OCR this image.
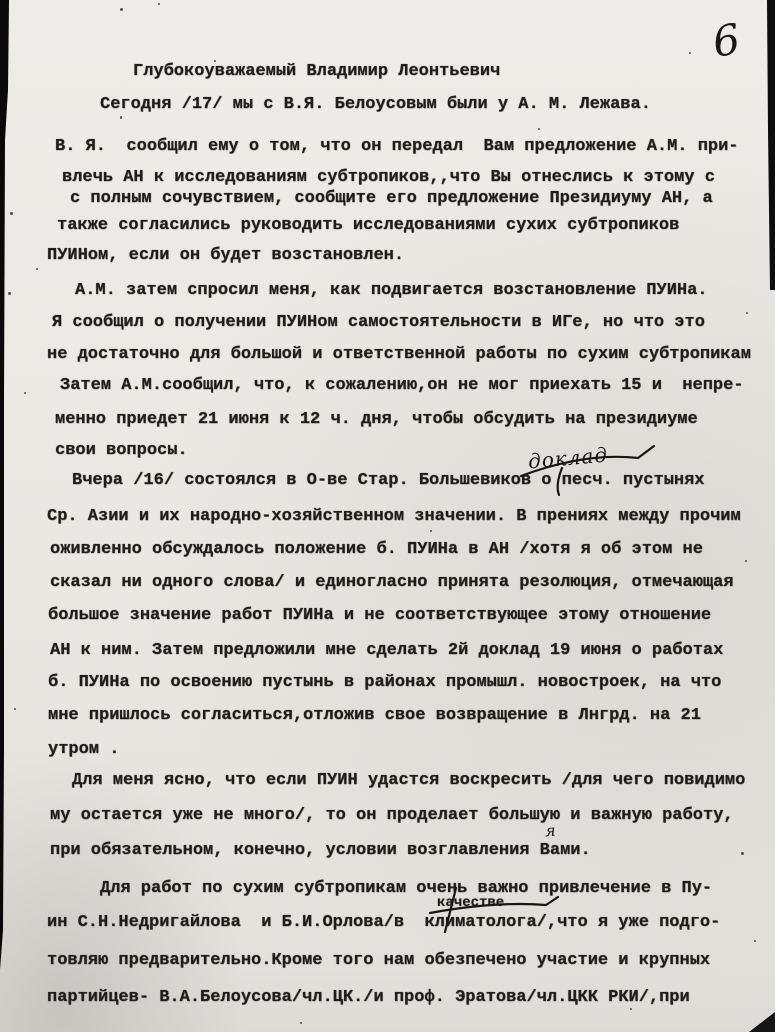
6
Глубокоуважаемый Владимир Леонтьевич
Сегодня /17/ мы с В.Я. Белоусовым были у А. М. Лежава.
В. Я.  сообщил ему о том, что он передал  Вам предложение А.М. при-
влечь АН к исследованиям субтропиков,,что Вы отнеслись к этому с
с полным сочувствием, сообщите его предложение Президиуму АН, а
также согласились руководить исследованиями сухих субтропиков
ПУИНом, если он будет возстановлен.
А.М. затем спросил меня, как подвигается возстановление ПУИНа.
Я сообщил о получении ПУИНом самостоятельности в ИГе, но что это
не достаточно для большой и ответственной работы по сухим субтропикам
Затем А.М.сообщил, что, к сожалению,он не мог приехать 15 и  непре-
менно приедет 21 июня к 12 ч. дня, чтобы обсудить на президиуме
свои вопросы.
Вчера /16/ состоялся в О-ве Стар. Большевиков о песч. пустынях
Ср. Азии и их народно-хозяйственном значении. В прениях между прочим
оживленно обсуждалось положение б. ПУИНа в АН /хотя я об этом не
сказал ни одного слова/ и единогласно принята резолюция, отмечающая
большое значение работ ПУИНа и не соответствующее этому отношение
АН к ним. Затем предложили мне сделать 2й доклад 19 июня о работах
б. ПУИНа по освоению пустынь в районах промышл. новостроек, на что
мне пришлось согласиться,отложив свое возвращение в Лнгрд. на 21
утром .
Для меня ясно, что если ПУИН удастся воскресить /для чего повидимо
му остается уже не много/, то он проделает большую и важную работу,
при обязательном, конечно, условии возглавления Вами.
Для работ по сухим субтропикам очень важно привлечение в Пу-
ин С.Н.Недригайлова  и Б.И.Орлова/в  климатолога/,что я уже подго-
товляю предварительно.Кроме того нам обезпечено участие и крупных
партийцев- В.А.Белоусова/чл.ЦК./и проф. Эратова/чл.ЦКК РКИ/,при
доклад
я
качестве
